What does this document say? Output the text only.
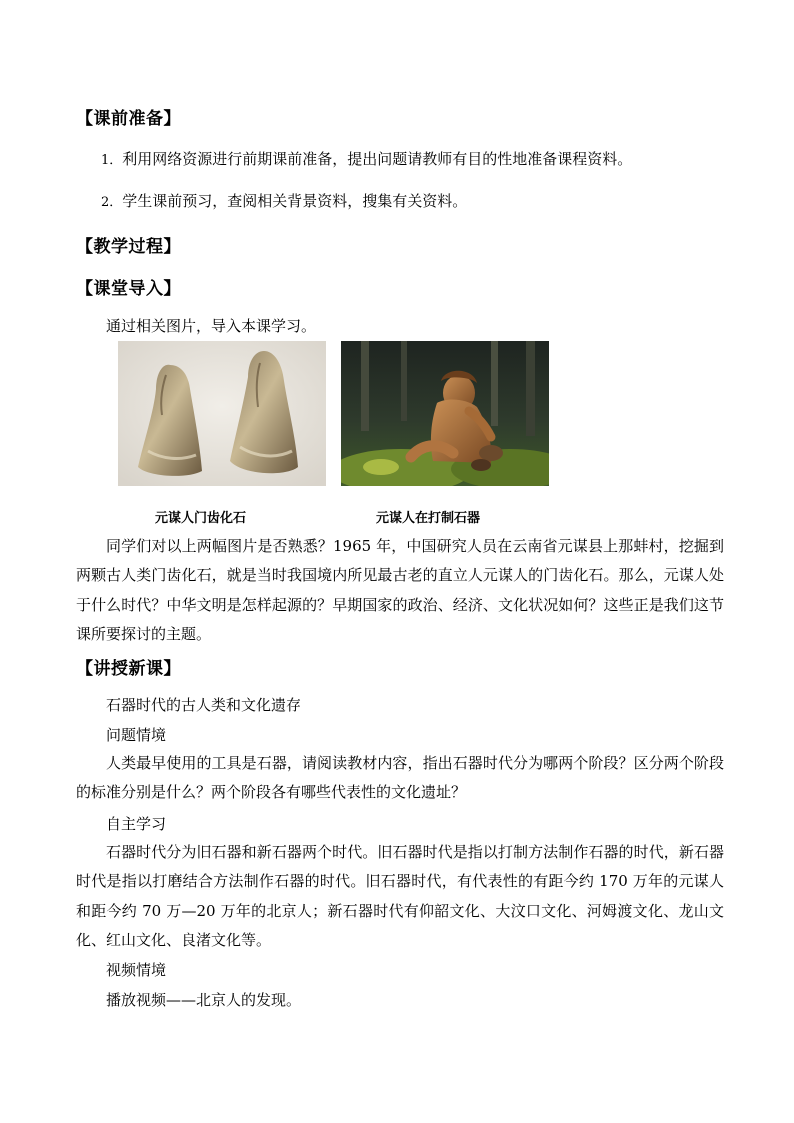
【课前准备】
1．利用网络资源进行前期课前准备，提出问题请教师有目的性地准备课程资料。
2．学生课前预习，查阅相关背景资料，搜集有关资料。
【教学过程】
【课堂导入】
通过相关图片，导入本课学习。
元谋人门齿化石	元谋人在打制石器
同学们对以上两幅图片是否熟悉？1965 年，中国研究人员在云南省元谋县上那蚌村，挖掘到两颗古人类门齿化石，就是当时我国境内所见最古老的直立人元谋人的门齿化石。那么，元谋人处于什么时代？中华文明是怎样起源的？早期国家的政治、经济、文化状况如何？这些正是我们这节课所要探讨的主题。
【讲授新课】
石器时代的古人类和文化遗存
问题情境
人类最早使用的工具是石器，请阅读教材内容，指出石器时代分为哪两个阶段？区分两个阶段的标准分别是什么？两个阶段各有哪些代表性的文化遗址？
自主学习
石器时代分为旧石器和新石器两个时代。旧石器时代是指以打制方法制作石器的时代，新石器时代是指以打磨结合方法制作石器的时代。旧石器时代，有代表性的有距今约 170 万年的元谋人和距今约 70 万—20 万年的北京人；新石器时代有仰韶文化、大汶口文化、河姆渡文化、龙山文化、红山文化、良渚文化等。
视频情境
播放视频——北京人的发现。
